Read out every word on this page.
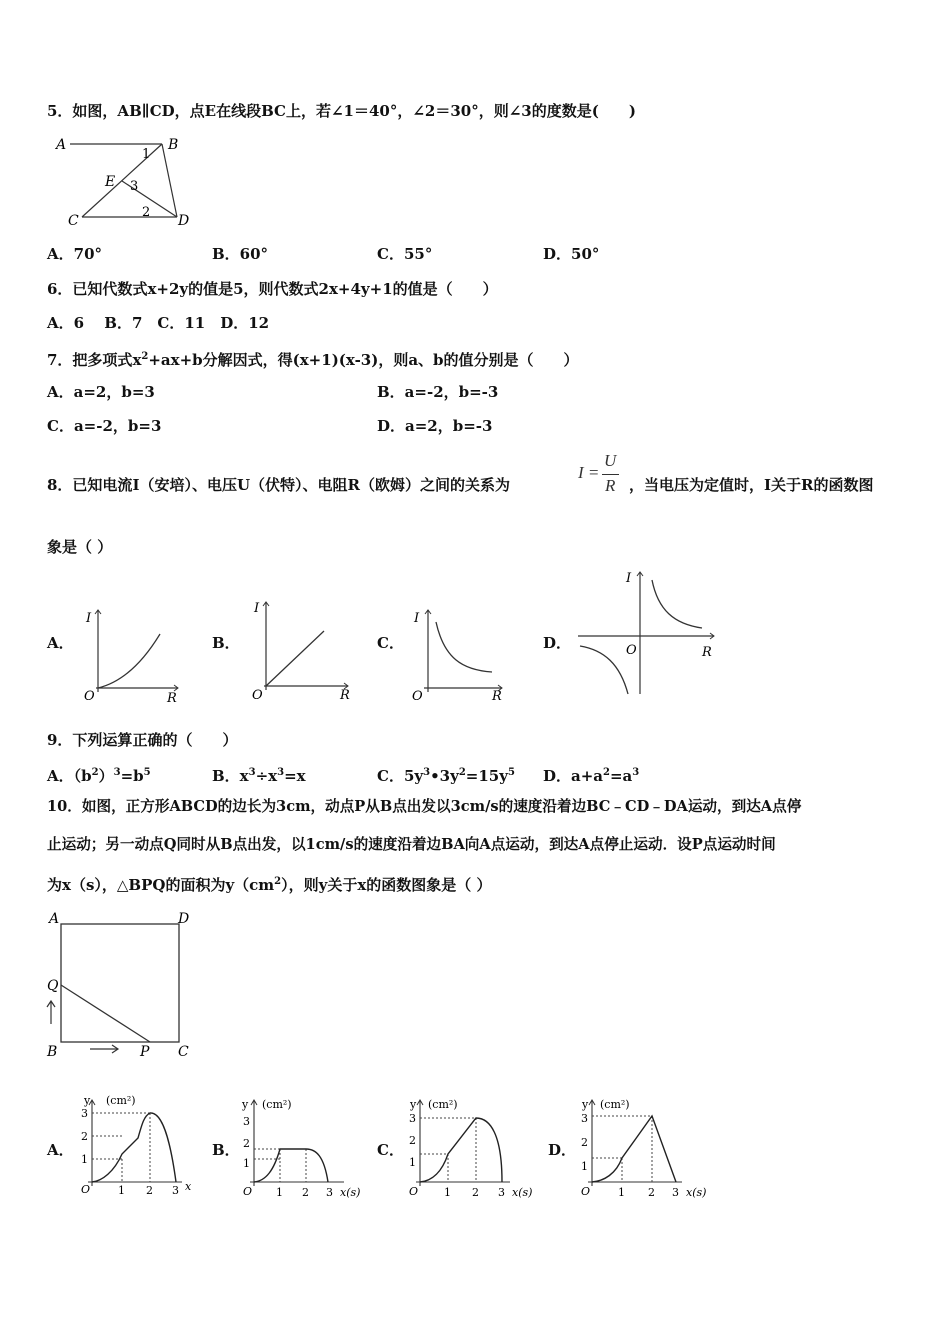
5．如图，AB∥CD，点E在线段BC上，若∠1＝40°，∠2＝30°，则∠3的度数是(　　)
A	B
C	D
E
1
3
2
A．70°	B．60°	C．55°	D．50°
6．已知代数式x+2y的值是5，则代数式2x+4y+1的值是（　　）
A．6　 B．7　C．11　D．12
7．把多项式$x^2+ax+b$分解因式，得(x+1)(x-3)，则a、b的值分别是（　　）
A．a=2，b=3	B．a=-2，b=-3
C．a=-2，b=3	D．a=2，b=-3
8．已知电流I（安培）、电压U（伏特）、电阻R（欧姆）之间的关系为
I =
U
R ，当电压为定值时，I关于R的函数图
象是（ ）
A．	B．	C．	D．
I
O	R
I
O	R
I
O	R
I
O	R
9．下列运算正确的（　　）
A．$(b^2)^3=b^5$	B．$x^3\div x^3=x$	C．$5y^3•3y^2=15y^5$ D．$a+a^2=a^3$
10．如图，正方形ABCD的边长为3cm，动点P从B点出发以3cm/s的速度沿着边BC﹣CD﹣DA运动，到达A点停
止运动；另一动点Q同时从B点出发，以1cm/s的速度沿着边BA向A点运动，到达A点停止运动．设P点运动时间
为x（s），△BPQ的面积为$y(cm^2)$，则y关于x的函数图象是（ ）
A	D
Q
B	P C
A．	B．	C．	D．
y (cm²)
3
2
1
O	1 2 3 x
y (cm²)
3
2
1
O 1 2 3 x(s)
y (cm²)
3
2
1
O 1 2 3 x(s)
y (cm²)
3
2
1
O	1 2 3 x(s)
